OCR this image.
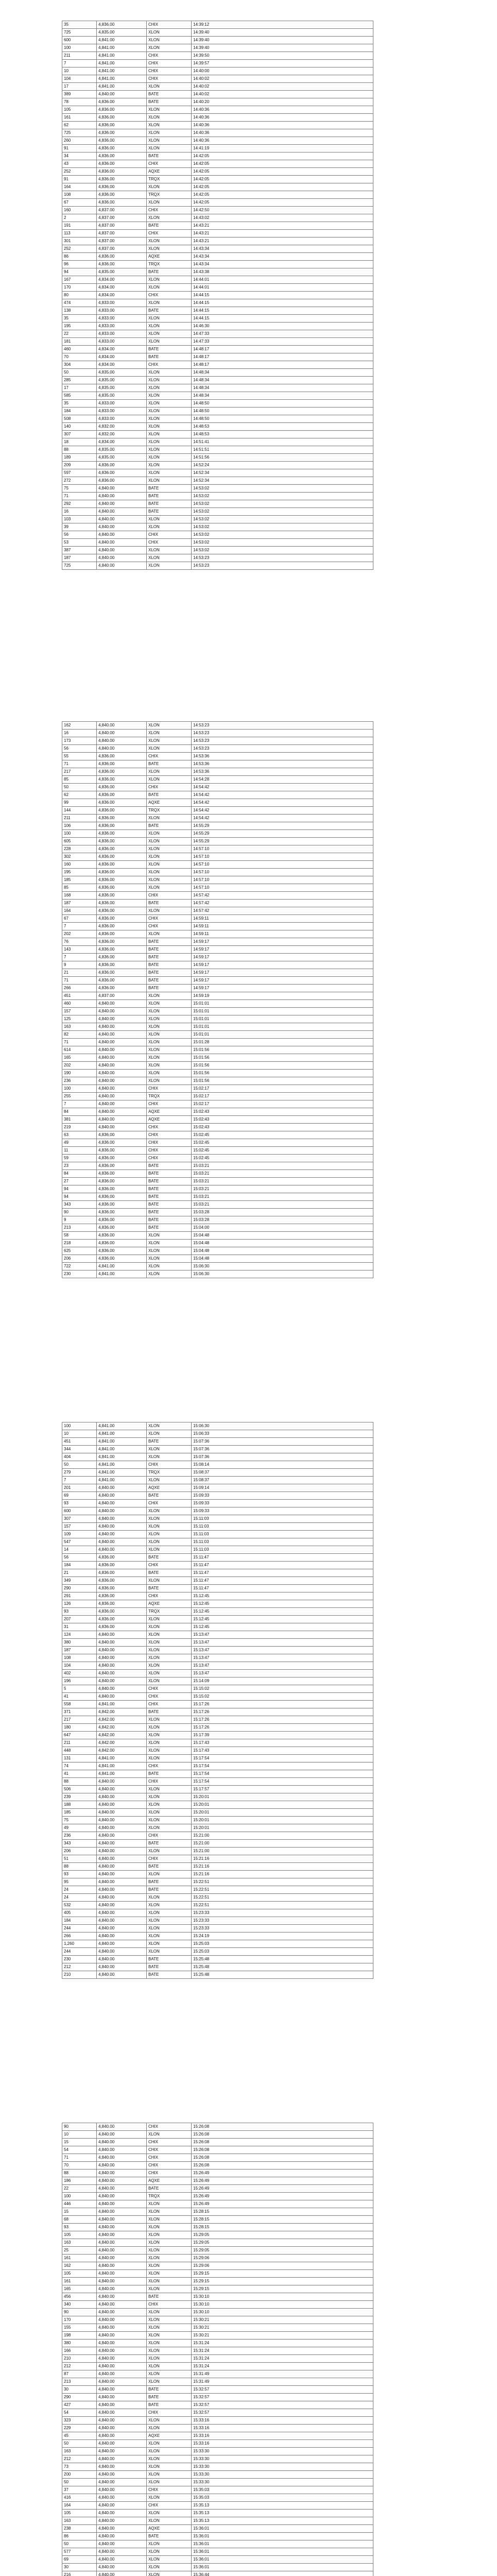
35	4,836.00	CHIX	14:39:12
725	4,835.00	XLON	14:39:40
600	4,841.00	XLON	14:39:40
100	4,841.00	XLON	14:39:40
211	4,841.00	CHIX	14:39:50
7	4,841.00	CHIX	14:39:57
10	4,841.00	CHIX	14:40:00
104	4,841.00	CHIX	14:40:02
17	4,841.00	XLON	14:40:02
389	4,840.00	BATE	14:40:02
78	4,836.00	BATE	14:40:20
105	4,836.00	XLON	14:40:36
161	4,836.00	XLON	14:40:36
62	4,836.00	XLON	14:40:36
725	4,836.00	XLON	14:40:36
260	4,836.00	XLON	14:40:36
91	4,836.00	XLON	14:41:19
34	4,836.00	BATE	14:42:05
43	4,836.00	CHIX	14:42:05
252	4,836.00	AQXE	14:42:05
91	4,836.00	TRQX	14:42:05
164	4,836.00	XLON	14:42:05
108	4,836.00	TRQX	14:42:05
67	4,836.00	XLON	14:42:05
160	4,837.00	CHIX	14:42:50
2	4,837.00	XLON	14:43:02
191	4,837.00	BATE	14:43:21
113	4,837.00	CHIX	14:43:21
301	4,837.00	XLON	14:43:21
252	4,837.00	XLON	14:43:34
86	4,836.00	AQXE	14:43:34
96	4,836.00	TRQX	14:43:34
94	4,835.00	BATE	14:43:38
167	4,834.00	XLON	14:44:01
170	4,834.00	XLON	14:44:01
80	4,834.00	CHIX	14:44:15
474	4,833.00	XLON	14:44:15
138	4,833.00	BATE	14:44:15
35	4,833.00	XLON	14:44:15
195	4,833.00	XLON	14:46:30
22	4,833.00	XLON	14:47:33
181	4,833.00	XLON	14:47:33
460	4,834.00	BATE	14:48:17
70	4,834.00	BATE	14:48:17
304	4,834.00	CHIX	14:48:17
50	4,835.00	XLON	14:48:34
285	4,835.00	XLON	14:48:34
17	4,835.00	XLON	14:48:34
585	4,835.00	XLON	14:48:34
35	4,833.00	XLON	14:48:50
184	4,833.00	XLON	14:48:50
508	4,833.00	XLON	14:48:50
140	4,832.00	XLON	14:48:53
307	4,832.00	XLON	14:48:53
18	4,834.00	XLON	14:51:41
88	4,835.00	XLON	14:51:51
189	4,835.00	XLON	14:51:56
209	4,836.00	XLON	14:52:24
597	4,836.00	XLON	14:52:34
272	4,836.00	XLON	14:52:34
75	4,840.00	BATE	14:53:02
71	4,840.00	BATE	14:53:02
292	4,840.00	BATE	14:53:02
16	4,840.00	BATE	14:53:02
103	4,840.00	XLON	14:53:02
39	4,840.00	XLON	14:53:02
56	4,840.00	CHIX	14:53:02
53	4,840.00	CHIX	14:53:02
387	4,840.00	XLON	14:53:02
187	4,840.00	XLON	14:53:23
725	4,840.00	XLON	14:53:23
162	4,840.00	XLON	14:53:23
16	4,840.00	XLON	14:53:23
173	4,840.00	XLON	14:53:23
56	4,840.00	XLON	14:53:23
55	4,836.00	CHIX	14:53:36
71	4,836.00	BATE	14:53:36
217	4,836.00	XLON	14:53:36
85	4,836.00	XLON	14:54:28
50	4,836.00	CHIX	14:54:42
62	4,836.00	BATE	14:54:42
99	4,836.00	AQXE	14:54:42
144	4,836.00	TRQX	14:54:42
211	4,836.00	XLON	14:54:42
106	4,836.00	BATE	14:55:29
100	4,836.00	XLON	14:55:29
605	4,836.00	XLON	14:55:29
228	4,836.00	XLON	14:57:10
302	4,836.00	XLON	14:57:10
160	4,836.00	XLON	14:57:10
195	4,836.00	XLON	14:57:10
185	4,836.00	XLON	14:57:10
85	4,836.00	XLON	14:57:10
168	4,836.00	CHIX	14:57:42
187	4,836.00	BATE	14:57:42
164	4,836.00	XLON	14:57:42
67	4,836.00	CHIX	14:59:11
7	4,836.00	CHIX	14:59:11
202	4,836.00	XLON	14:59:11
76	4,836.00	BATE	14:59:17
143	4,836.00	BATE	14:59:17
7	4,836.00	BATE	14:59:17
9	4,836.00	BATE	14:59:17
21	4,836.00	BATE	14:59:17
71	4,836.00	BATE	14:59:17
266	4,836.00	BATE	14:59:17
451	4,837.00	XLON	14:59:19
460	4,840.00	XLON	15:01:01
157	4,840.00	XLON	15:01:01
125	4,840.00	XLON	15:01:01
163	4,840.00	XLON	15:01:01
82	4,840.00	XLON	15:01:01
71	4,840.00	XLON	15:01:28
614	4,840.00	XLON	15:01:56
165	4,840.00	XLON	15:01:56
202	4,840.00	XLON	15:01:56
190	4,840.00	XLON	15:01:56
236	4,840.00	XLON	15:01:56
100	4,840.00	CHIX	15:02:17
255	4,840.00	TRQX	15:02:17
7	4,840.00	CHIX	15:02:17
84	4,840.00	AQXE	15:02:43
381	4,840.00	AQXE	15:02:43
219	4,840.00	CHIX	15:02:43
63	4,836.00	CHIX	15:02:45
49	4,836.00	CHIX	15:02:45
11	4,836.00	CHIX	15:02:45
59	4,836.00	CHIX	15:02:45
23	4,836.00	BATE	15:03:21
84	4,836.00	BATE	15:03:21
27	4,836.00	BATE	15:03:21
94	4,836.00	BATE	15:03:21
94	4,836.00	BATE	15:03:21
343	4,836.00	BATE	15:03:21
90	4,836.00	BATE	15:03:28
9	4,836.00	BATE	15:03:28
213	4,836.00	BATE	15:04:00
58	4,836.00	XLON	15:04:48
218	4,836.00	XLON	15:04:48
625	4,836.00	XLON	15:04:48
206	4,836.00	XLON	15:04:48
722	4,841.00	XLON	15:06:30
230	4,841.00	XLON	15:06:30
100	4,841.00	XLON	15:06:30
10	4,841.00	XLON	15:06:33
451	4,841.00	BATE	15:07:36
344	4,841.00	XLON	15:07:36
404	4,841.00	XLON	15:07:36
50	4,841.00	CHIX	15:08:14
279	4,841.00	TRQX	15:08:37
7	4,841.00	XLON	15:08:37
201	4,840.00	AQXE	15:09:14
69	4,840.00	BATE	15:09:33
93	4,840.00	CHIX	15:09:33
600	4,840.00	XLON	15:09:33
307	4,840.00	XLON	15:11:03
157	4,840.00	XLON	15:11:03
109	4,840.00	XLON	15:11:03
547	4,840.00	XLON	15:11:03
14	4,840.00	XLON	15:11:03
56	4,836.00	BATE	15:11:47
184	4,836.00	CHIX	15:11:47
21	4,836.00	BATE	15:11:47
349	4,836.00	XLON	15:11:47
290	4,836.00	BATE	15:11:47
291	4,836.00	CHIX	15:12:45
126	4,836.00	AQXE	15:12:45
93	4,836.00	TRQX	15:12:45
207	4,836.00	XLON	15:12:45
31	4,836.00	XLON	15:12:45
124	4,840.00	XLON	15:13:47
380	4,840.00	XLON	15:13:47
187	4,840.00	XLON	15:13:47
108	4,840.00	XLON	15:13:47
104	4,840.00	XLON	15:13:47
402	4,840.00	XLON	15:13:47
196	4,840.00	XLON	15:14:09
5	4,840.00	CHIX	15:15:02
41	4,840.00	CHIX	15:15:02
558	4,841.00	CHIX	15:17:26
371	4,842.00	BATE	15:17:26
217	4,842.00	XLON	15:17:26
180	4,842.00	XLON	15:17:26
647	4,842.00	XLON	15:17:39
211	4,842.00	XLON	15:17:43
448	4,842.00	XLON	15:17:43
131	4,841.00	XLON	15:17:54
74	4,841.00	CHIX	15:17:54
41	4,841.00	BATE	15:17:54
88	4,840.00	CHIX	15:17:54
506	4,840.00	XLON	15:17:57
239	4,840.00	XLON	15:20:01
188	4,840.00	XLON	15:20:01
185	4,840.00	XLON	15:20:01
75	4,840.00	XLON	15:20:01
49	4,840.00	XLON	15:20:01
236	4,840.00	CHIX	15:21:00
343	4,840.00	BATE	15:21:00
206	4,840.00	XLON	15:21:00
51	4,840.00	CHIX	15:21:16
88	4,840.00	BATE	15:21:16
93	4,840.00	XLON	15:21:16
95	4,840.00	BATE	15:22:51
24	4,840.00	BATE	15:22:51
24	4,840.00	XLON	15:22:51
532	4,840.00	XLON	15:22:51
405	4,840.00	XLON	15:23:33
184	4,840.00	XLON	15:23:33
244	4,840.00	XLON	15:23:33
266	4,840.00	XLON	15:24:19
1,260	4,840.00	XLON	15:25:03
244	4,840.00	XLON	15:25:03
230	4,840.00	BATE	15:25:48
212	4,840.00	BATE	15:25:48
210	4,840.00	BATE	15:25:48
90	4,840.00	CHIX	15:26:08
10	4,840.00	XLON	15:26:08
15	4,840.00	CHIX	15:26:08
54	4,840.00	CHIX	15:26:08
71	4,840.00	CHIX	15:26:08
70	4,840.00	CHIX	15:26:08
88	4,840.00	CHIX	15:26:49
186	4,840.00	AQXE	15:26:49
22	4,840.00	BATE	15:26:49
100	4,840.00	TRQX	15:26:49
446	4,840.00	XLON	15:26:49
15	4,840.00	XLON	15:28:15
68	4,840.00	XLON	15:28:15
93	4,840.00	XLON	15:28:15
105	4,840.00	XLON	15:29:05
163	4,840.00	XLON	15:29:05
25	4,840.00	XLON	15:29:05
161	4,840.00	XLON	15:29:06
162	4,840.00	XLON	15:29:06
105	4,840.00	XLON	15:29:15
161	4,840.00	XLON	15:29:15
165	4,840.00	XLON	15:29:15
456	4,840.00	BATE	15:30:10
340	4,840.00	CHIX	15:30:10
90	4,840.00	XLON	15:30:10
170	4,840.00	XLON	15:30:21
155	4,840.00	XLON	15:30:21
198	4,840.00	XLON	15:30:21
380	4,840.00	XLON	15:31:24
166	4,840.00	XLON	15:31:24
210	4,840.00	XLON	15:31:24
212	4,840.00	XLON	15:31:24
87	4,840.00	XLON	15:31:49
213	4,840.00	XLON	15:31:49
30	4,840.00	BATE	15:32:57
290	4,840.00	BATE	15:32:57
427	4,840.00	BATE	15:32:57
54	4,840.00	CHIX	15:32:57
323	4,840.00	XLON	15:33:16
229	4,840.00	XLON	15:33:16
45	4,840.00	AQXE	15:33:16
50	4,840.00	XLON	15:33:16
163	4,840.00	XLON	15:33:30
212	4,840.00	XLON	15:33:30
73	4,840.00	XLON	15:33:30
200	4,840.00	XLON	15:33:30
50	4,840.00	XLON	15:33:30
37	4,840.00	CHIX	15:35:03
416	4,840.00	XLON	15:35:03
164	4,840.00	CHIX	15:35:13
105	4,840.00	XLON	15:35:13
163	4,840.00	XLON	15:35:13
238	4,840.00	AQXE	15:36:01
86	4,840.00	BATE	15:36:01
50	4,840.00	XLON	15:36:01
577	4,840.00	XLON	15:36:01
69	4,840.00	XLON	15:36:01
30	4,840.00	XLON	15:36:01
216	4,840.00	XLON	15:36:44
